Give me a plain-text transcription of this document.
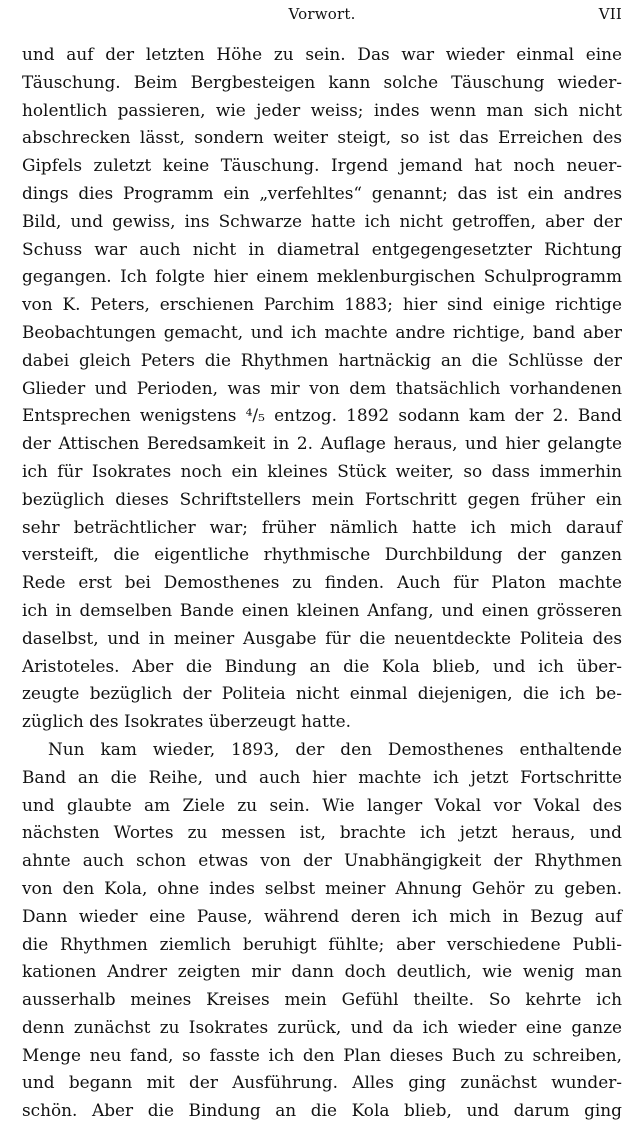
Vorwort.	VII
und auf der letzten Höhe zu sein. Das war wieder einmal eine
Täuschung. Beim Bergbesteigen kann solche Täuschung wieder-
holentlich passieren, wie jeder weiss; indes wenn man sich nicht
abschrecken lässt, sondern weiter steigt, so ist das Erreichen des
Gipfels zuletzt keine Täuschung. Irgend jemand hat noch neuer-
dings dies Programm ein „verfehltes“ genannt; das ist ein andres
Bild, und gewiss, ins Schwarze hatte ich nicht getroffen, aber der
Schuss war auch nicht in diametral entgegengesetzter Richtung
gegangen. Ich folgte hier einem meklenburgischen Schulprogramm
von K. Peters, erschienen Parchim 1883; hier sind einige richtige
Beobachtungen gemacht, und ich machte andre richtige, band aber
dabei gleich Peters die Rhythmen hartnäckig an die Schlüsse der
Glieder und Perioden, was mir von dem thatsächlich vorhandenen
Entsprechen wenigstens ⁴/₅ entzog. 1892 sodann kam der 2. Band
der Attischen Beredsamkeit in 2. Auflage heraus, und hier gelangte
ich für Isokrates noch ein kleines Stück weiter, so dass immerhin
bezüglich dieses Schriftstellers mein Fortschritt gegen früher ein
sehr beträchtlicher war; früher nämlich hatte ich mich darauf
versteift, die eigentliche rhythmische Durchbildung der ganzen
Rede erst bei Demosthenes zu finden. Auch für Platon machte
ich in demselben Bande einen kleinen Anfang, und einen grösseren
daselbst, und in meiner Ausgabe für die neuentdeckte Politeia des
Aristoteles. Aber die Bindung an die Kola blieb, und ich über-
zeugte bezüglich der Politeia nicht einmal diejenigen, die ich be-
züglich des Isokrates überzeugt hatte.
Nun kam wieder, 1893, der den Demosthenes enthaltende
Band an die Reihe, und auch hier machte ich jetzt Fortschritte
und glaubte am Ziele zu sein. Wie langer Vokal vor Vokal des
nächsten Wortes zu messen ist, brachte ich jetzt heraus, und
ahnte auch schon etwas von der Unabhängigkeit der Rhythmen
von den Kola, ohne indes selbst meiner Ahnung Gehör zu geben.
Dann wieder eine Pause, während deren ich mich in Bezug auf
die Rhythmen ziemlich beruhigt fühlte; aber verschiedene Publi-
kationen Andrer zeigten mir dann doch deutlich, wie wenig man
ausserhalb meines Kreises mein Gefühl theilte. So kehrte ich
denn zunächst zu Isokrates zurück, und da ich wieder eine ganze
Menge neu fand, so fasste ich den Plan dieses Buch zu schreiben,
und begann mit der Ausführung. Alles ging zunächst wunder-
schön. Aber die Bindung an die Kola blieb, und darum ging
